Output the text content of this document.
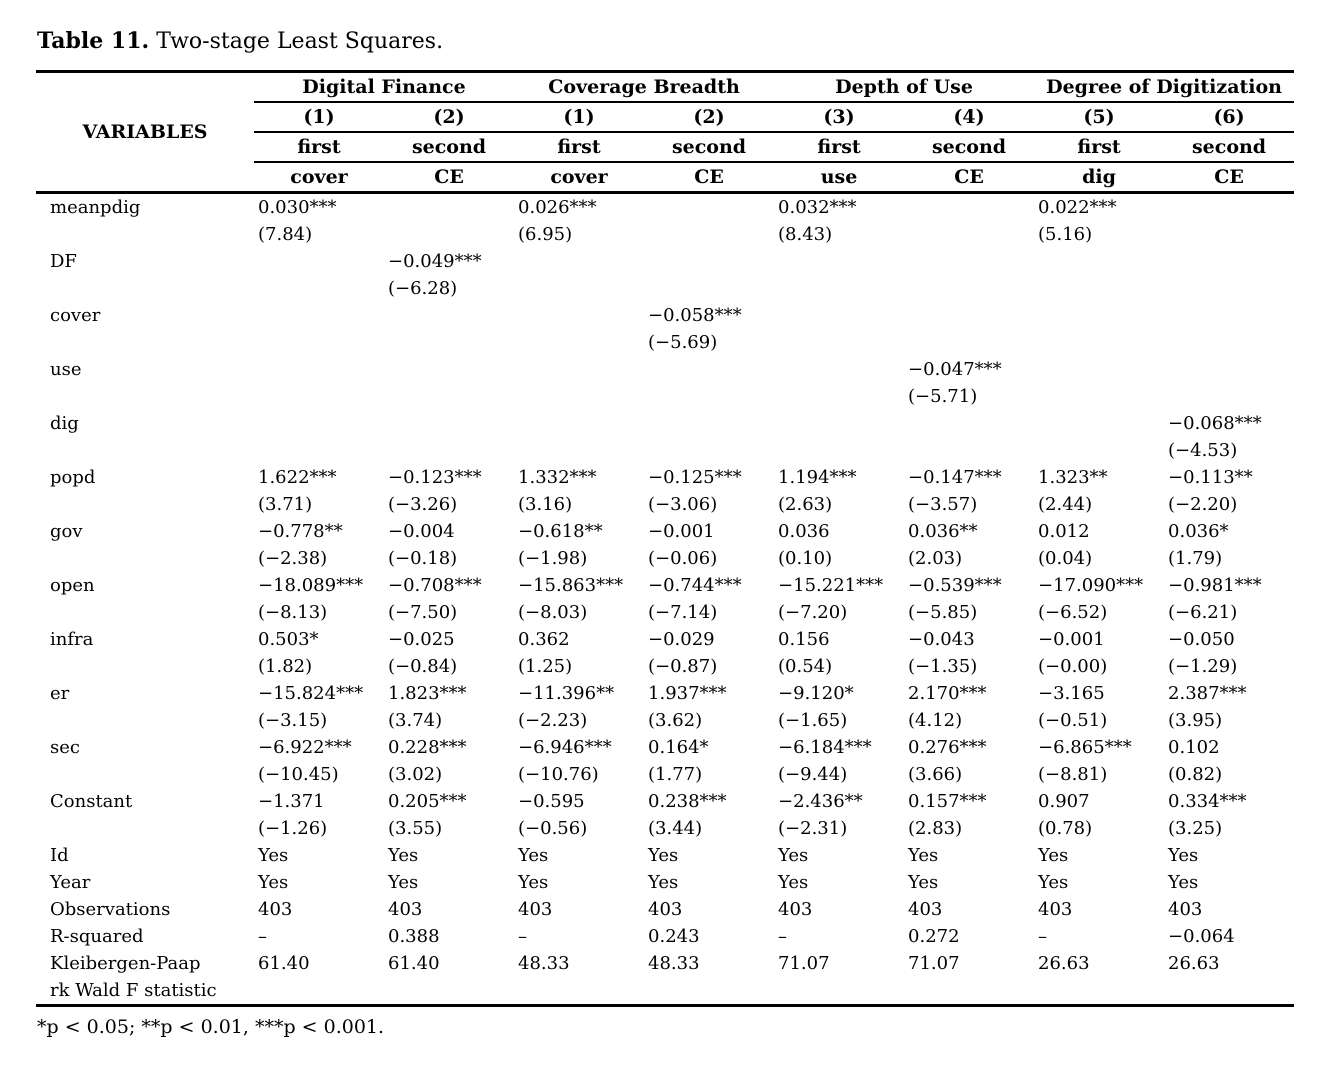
Table 11. Two-stage Least Squares.
VARIABLES	Digital Finance		Coverage Breadth		Depth of Use		Degree of Digitization	
	(1)	(2)	(1)	(2)	(3)	(4)	(5)	(6)
	first	second	first	second	first	second	first	second
	cover	CE	cover	CE	use	CE	dig	CE
meanpdig	0.030***		0.026***		0.032***		0.022***	
	(7.84)		(6.95)		(8.43)		(5.16)	
DF		−0.049***						
		(−6.28)						
cover				−0.058***				
				(−5.69)				
use						−0.047***		
						(−5.71)		
dig								−0.068***
								(−4.53)
popd	1.622***	−0.123***	1.332***	−0.125***	1.194***	−0.147***	1.323**	−0.113**
	(3.71)	(−3.26)	(3.16)	(−3.06)	(2.63)	(−3.57)	(2.44)	(−2.20)
gov	−0.778**	−0.004	−0.618**	−0.001	0.036	0.036**	0.012	0.036*
	(−2.38)	(−0.18)	(−1.98)	(−0.06)	(0.10)	(2.03)	(0.04)	(1.79)
open	−18.089***	−0.708***	−15.863***	−0.744***	−15.221***	−0.539***	−17.090***	−0.981***
	(−8.13)	(−7.50)	(−8.03)	(−7.14)	(−7.20)	(−5.85)	(−6.52)	(−6.21)
infra	0.503*	−0.025	0.362	−0.029	0.156	−0.043	−0.001	−0.050
	(1.82)	(−0.84)	(1.25)	(−0.87)	(0.54)	(−1.35)	(−0.00)	(−1.29)
er	−15.824***	1.823***	−11.396**	1.937***	−9.120*	2.170***	−3.165	2.387***
	(−3.15)	(3.74)	(−2.23)	(3.62)	(−1.65)	(4.12)	(−0.51)	(3.95)
sec	−6.922***	0.228***	−6.946***	0.164*	−6.184***	0.276***	−6.865***	0.102
	(−10.45)	(3.02)	(−10.76)	(1.77)	(−9.44)	(3.66)	(−8.81)	(0.82)
Constant	−1.371	0.205***	−0.595	0.238***	−2.436**	0.157***	0.907	0.334***
	(−1.26)	(3.55)	(−0.56)	(3.44)	(−2.31)	(2.83)	(0.78)	(3.25)
Id	Yes	Yes	Yes	Yes	Yes	Yes	Yes	Yes
Year	Yes	Yes	Yes	Yes	Yes	Yes	Yes	Yes
Observations	403	403	403	403	403	403	403	403
R-squared	–	0.388	–	0.243	–	0.272	–	−0.064
Kleibergen-Paap	61.40	61.40	48.33	48.33	71.07	71.07	26.63	26.63
rk Wald F statistic								
*p < 0.05; **p < 0.01, ***p < 0.001.
